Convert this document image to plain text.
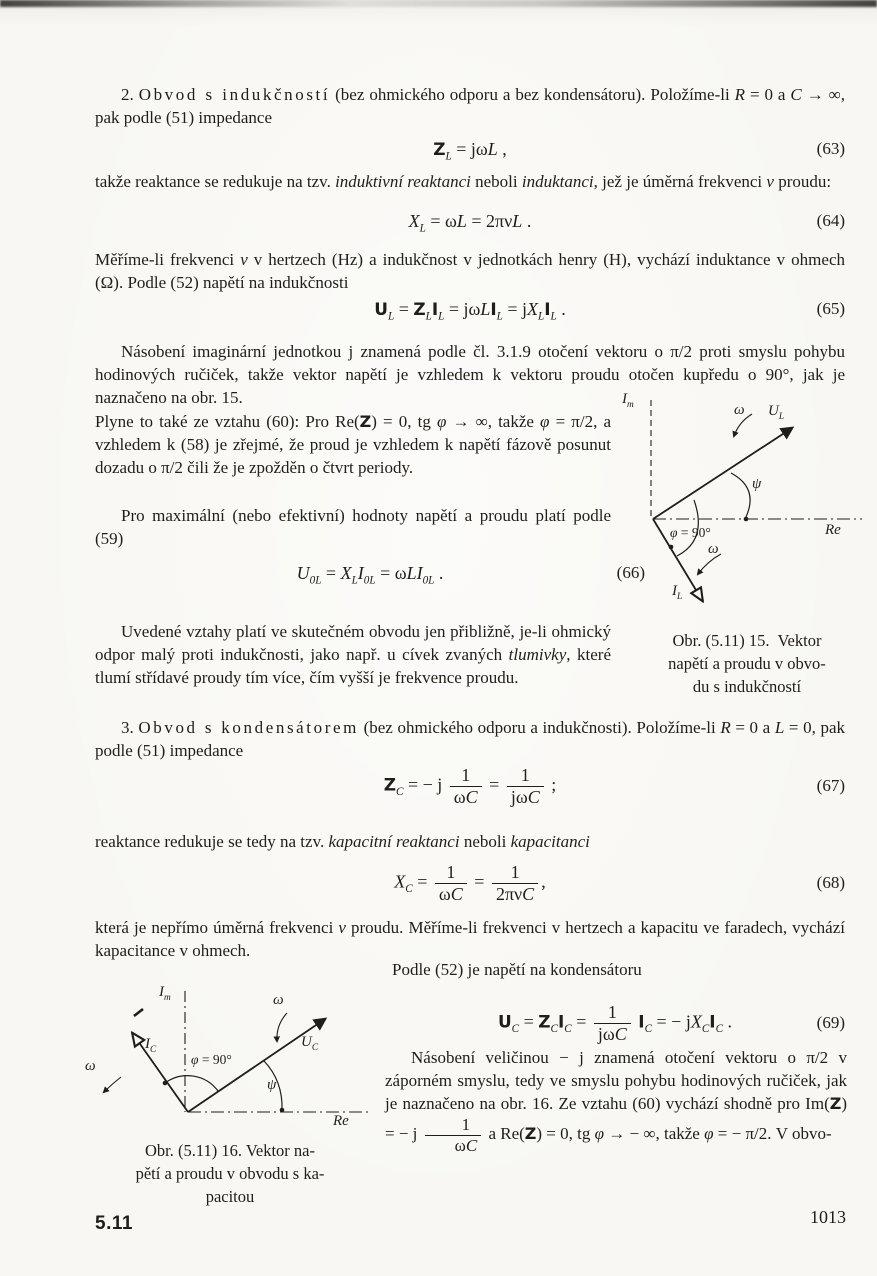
2. Obvod s indukčností (bez ohmického odporu a bez kondensátoru). Položíme-li R = 0 a C → ∞, pak podle (51) impedance

$Z_L = j\omega L$ ,	(63)

takže reaktance se redukuje na tzv. induktivní reaktanci neboli induktanci, jež je úměrná frekvenci ν proudu:

$X_L = \omega L = 2\pi\nu L$ .	(64)

Měříme-li frekvenci ν v hertzech (Hz) a indukčnost v jednotkách henry (H), vychází induktance v ohmech (Ω). Podle (52) napětí na indukčnosti

$U_L = Z_LI_L = j\omega LI_L = jX_LI_L$ .	(65)

Násobení imaginární jednotkou j znamená podle čl. 3.1.9 otočení vektoru o π/2 proti smyslu pohybu hodinových ručiček, takže vektor napětí je vzhledem k vektoru proudu otočen kupředu o 90°, jak je naznačeno na obr. 15.

Plyne to také ze vztahu (60): Pro Re(Z) = 0, tg φ → ∞, takže φ = π/2, a vzhledem k (58) je zřejmé, že proud je vzhledem k napětí fázově posunut dozadu o π/2 čili že je zpožděn o čtvrt periody.

Pro maximální (nebo efektivní) hodnoty napětí a proudu platí podle (59)

$U_{0L} = X_LI_{0L} = \omega LI_{0L}$ .	(66)
$I_m$	ω $U_L$
ψ
Re
φ = 90°
ω
$I_L$
Obr. (5.11) 15.  Vektor
napětí a proudu v obvo-
du s indukčností

Uvedené vztahy platí ve skutečném obvodu jen přibližně, je-li ohmický odpor malý proti indukčnosti, jako např. u cívek zvaných tlumivky, které tlumí střídavé proudy tím více, čím vyšší je frekvence proudu.

3. Obvod s kondensátorem (bez ohmického odporu a indukčnosti). Položíme-li R = 0 a L = 0, pak podle (51) impedance

$Z_C$ = − j $\frac{1}{\omega C} = \frac{1}{\text{jωC}}$ ;	(67)

reaktance redukuje se tedy na tzv. kapacitní reaktanci neboli kapacitanci

$X_C = \frac{1}{\omega C} = \frac{1}{\text{2πνC}}$ ,	(68)

která je nepřímo úměrná frekvenci ν proudu. Měříme-li frekvenci v hertzech a kapacitu ve faradech, vychází kapacitance v ohmech.

Podle (52) je napětí na kondensátoru

$I_m$	ω
$U_C$
$I_C$
ω	φ = 90°
ψ
Re
Obr. (5.11) 16. Vektor na-
pětí a proudu v obvodu s ka-
pacitou
$U_C = Z_CI_C = \frac{1}{\text{jωC}} I_C$ = − $jX_CI_C$ .	(69)

Násobení veličinou − j znamená otočení vektoru o π/2 v záporném smyslu, tedy ve smyslu pohybu hodinových ručiček, jak je naznačeno na obr. 16. Ze vztahu (60) vychází shodně pro Im(Z) = − j $\frac{1}{\omega C}$ a Re(Z) = 0, tg φ → − ∞, takže φ = − π/2. V obvo-

5.11	1013
